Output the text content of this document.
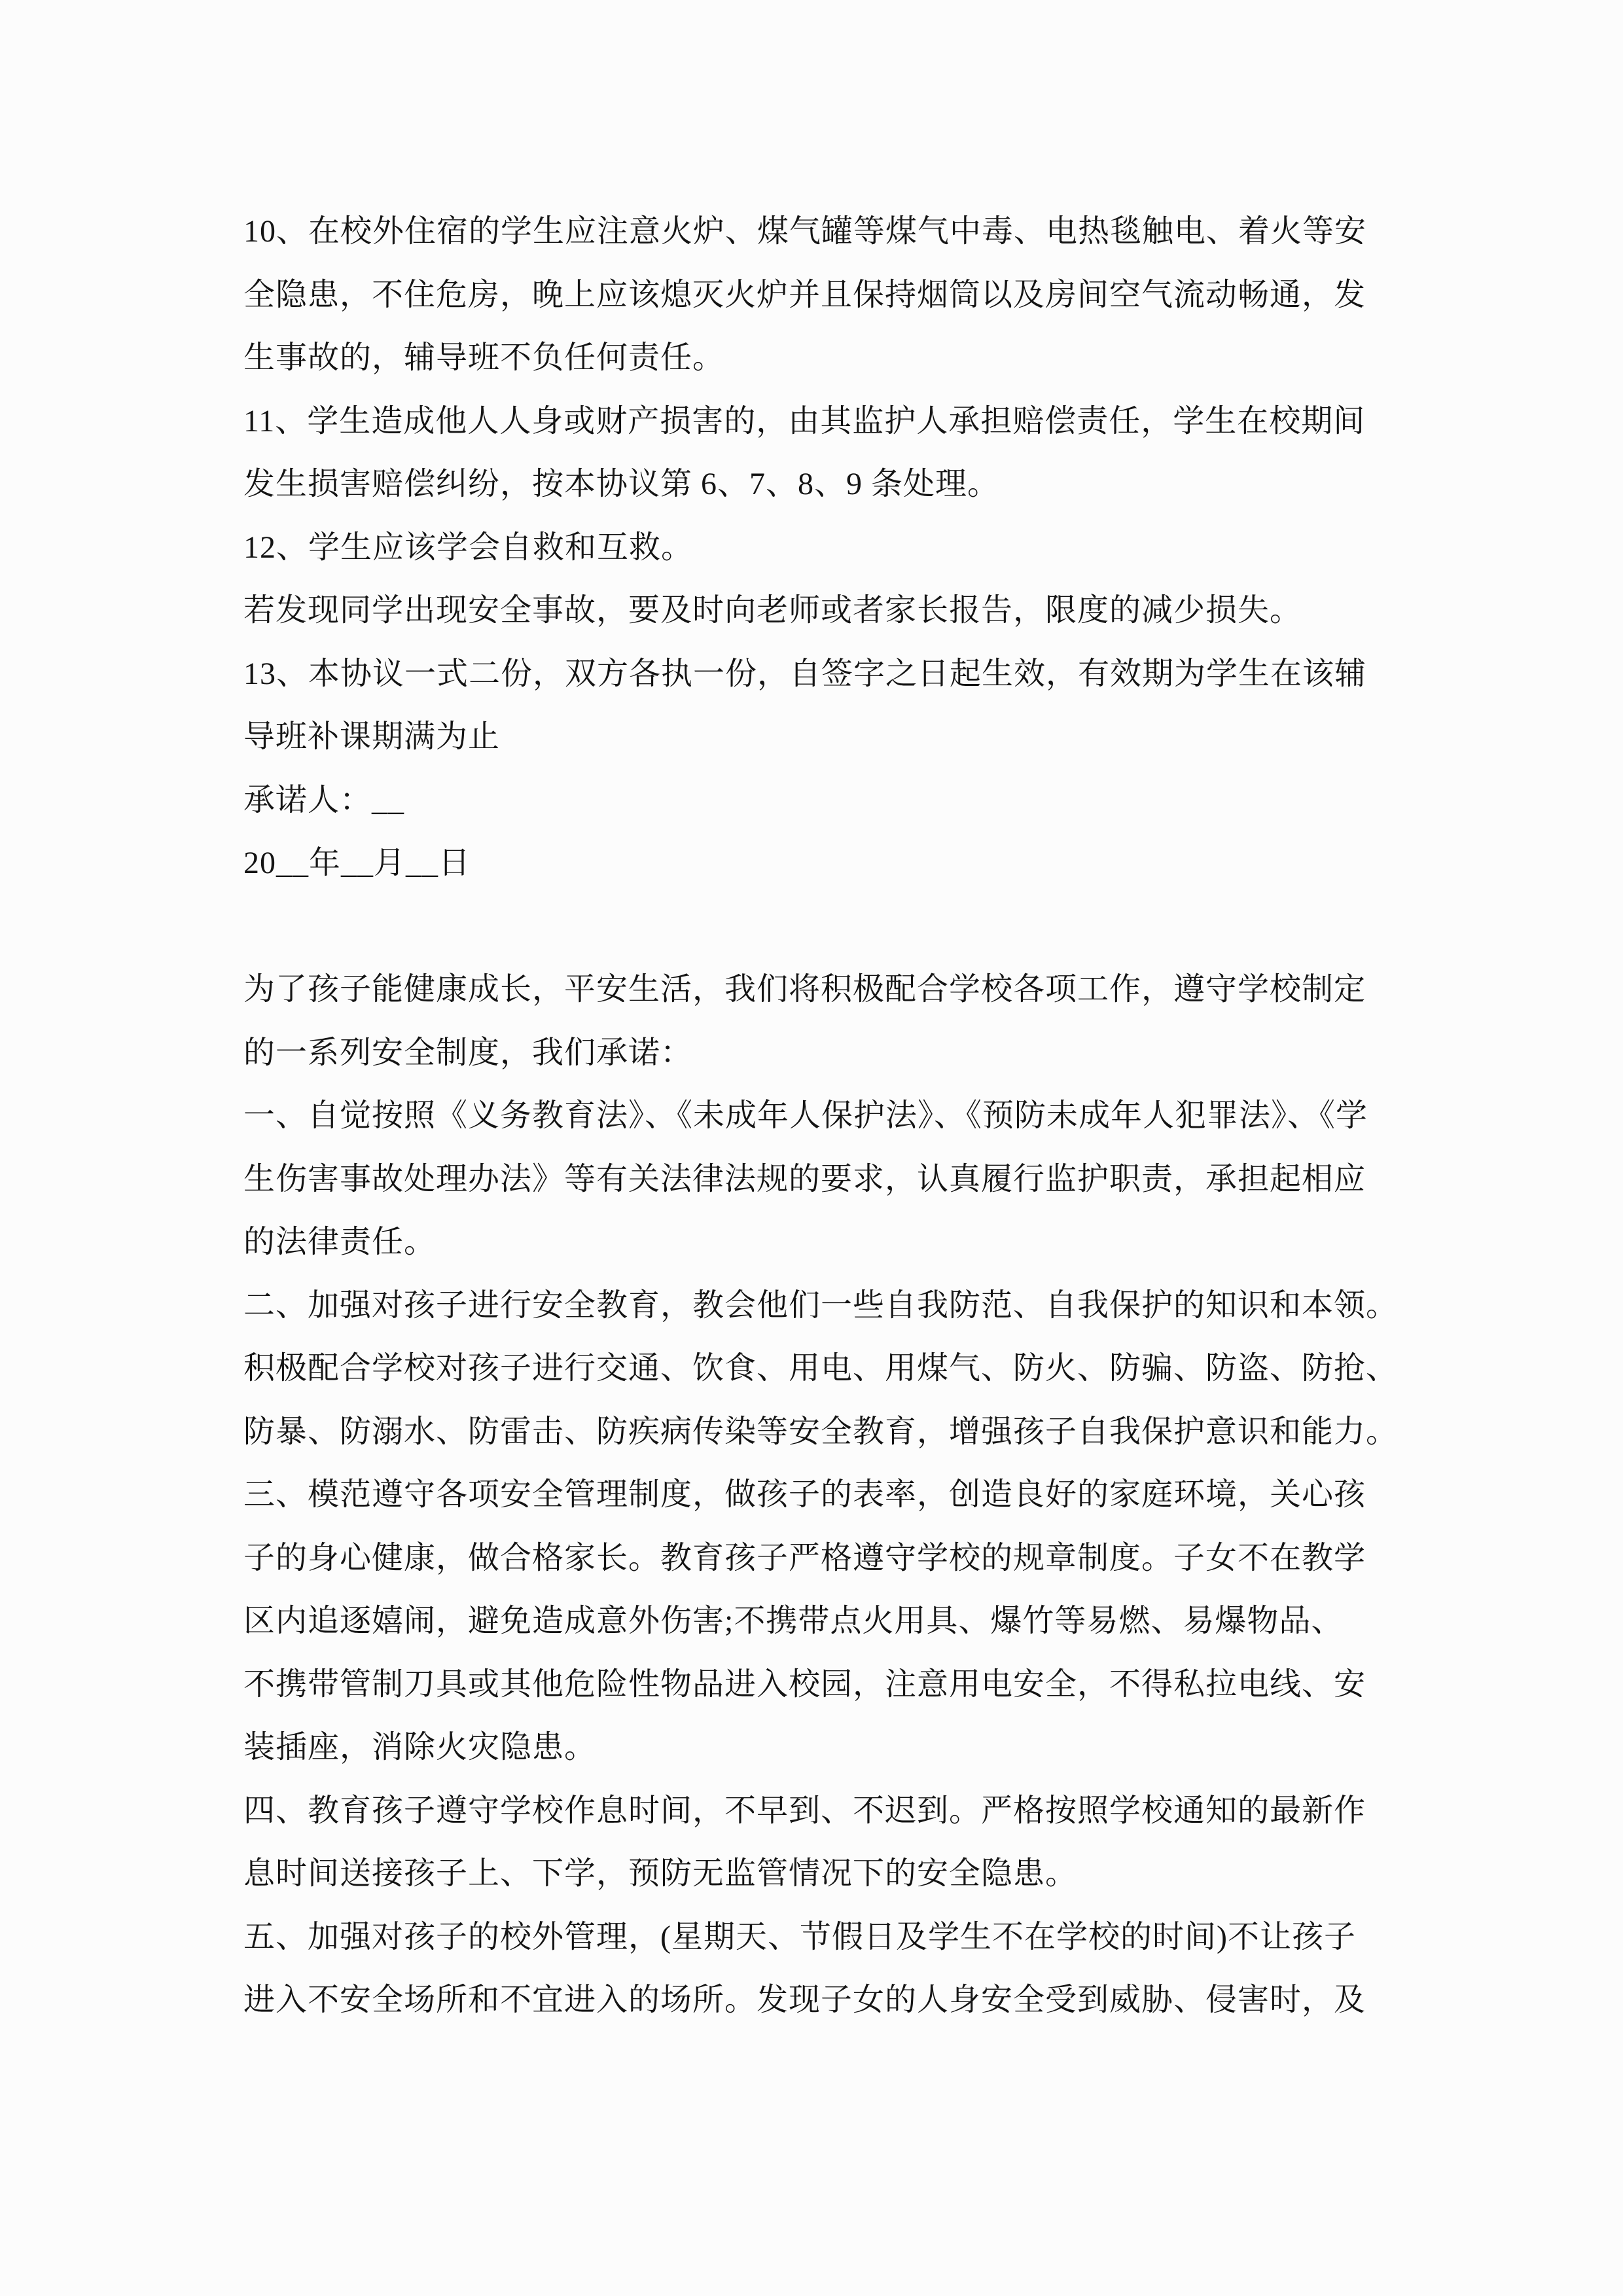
10、在校外住宿的学生应注意火炉、煤气罐等煤气中毒、电热毯触电、着火等安
全隐患，不住危房，晚上应该熄灭火炉并且保持烟筒以及房间空气流动畅通，发
生事故的，辅导班不负任何责任。
11、学生造成他人人身或财产损害的，由其监护人承担赔偿责任，学生在校期间
发生损害赔偿纠纷，按本协议第 6、7、8、9 条处理。
12、学生应该学会自救和互救。
若发现同学出现安全事故，要及时向老师或者家长报告，限度的减少损失。
13、本协议一式二份，双方各执一份，自签字之日起生效，有效期为学生在该辅
导班补课期满为止
承诺人：__
20__年__月__日
为了孩子能健康成长，平安生活，我们将积极配合学校各项工作，遵守学校制定
的一系列安全制度，我们承诺：
一、自觉按照《义务教育法》、《未成年人保护法》、《预防未成年人犯罪法》、《学
生伤害事故处理办法》等有关法律法规的要求，认真履行监护职责，承担起相应
的法律责任。
二、加强对孩子进行安全教育，教会他们一些自我防范、自我保护的知识和本领。
积极配合学校对孩子进行交通、饮食、用电、用煤气、防火、防骗、防盗、防抢、
防暴、防溺水、防雷击、防疾病传染等安全教育，增强孩子自我保护意识和能力。
三、模范遵守各项安全管理制度，做孩子的表率，创造良好的家庭环境，关心孩
子的身心健康，做合格家长。教育孩子严格遵守学校的规章制度。子女不在教学
区内追逐嬉闹，避免造成意外伤害;不携带点火用具、爆竹等易燃、易爆物品、
不携带管制刀具或其他危险性物品进入校园，注意用电安全，不得私拉电线、安
装插座，消除火灾隐患。
四、教育孩子遵守学校作息时间，不早到、不迟到。严格按照学校通知的最新作
息时间送接孩子上、下学，预防无监管情况下的安全隐患。
五、加强对孩子的校外管理，(星期天、节假日及学生不在学校的时间)不让孩子
进入不安全场所和不宜进入的场所。发现子女的人身安全受到威胁、侵害时，及
